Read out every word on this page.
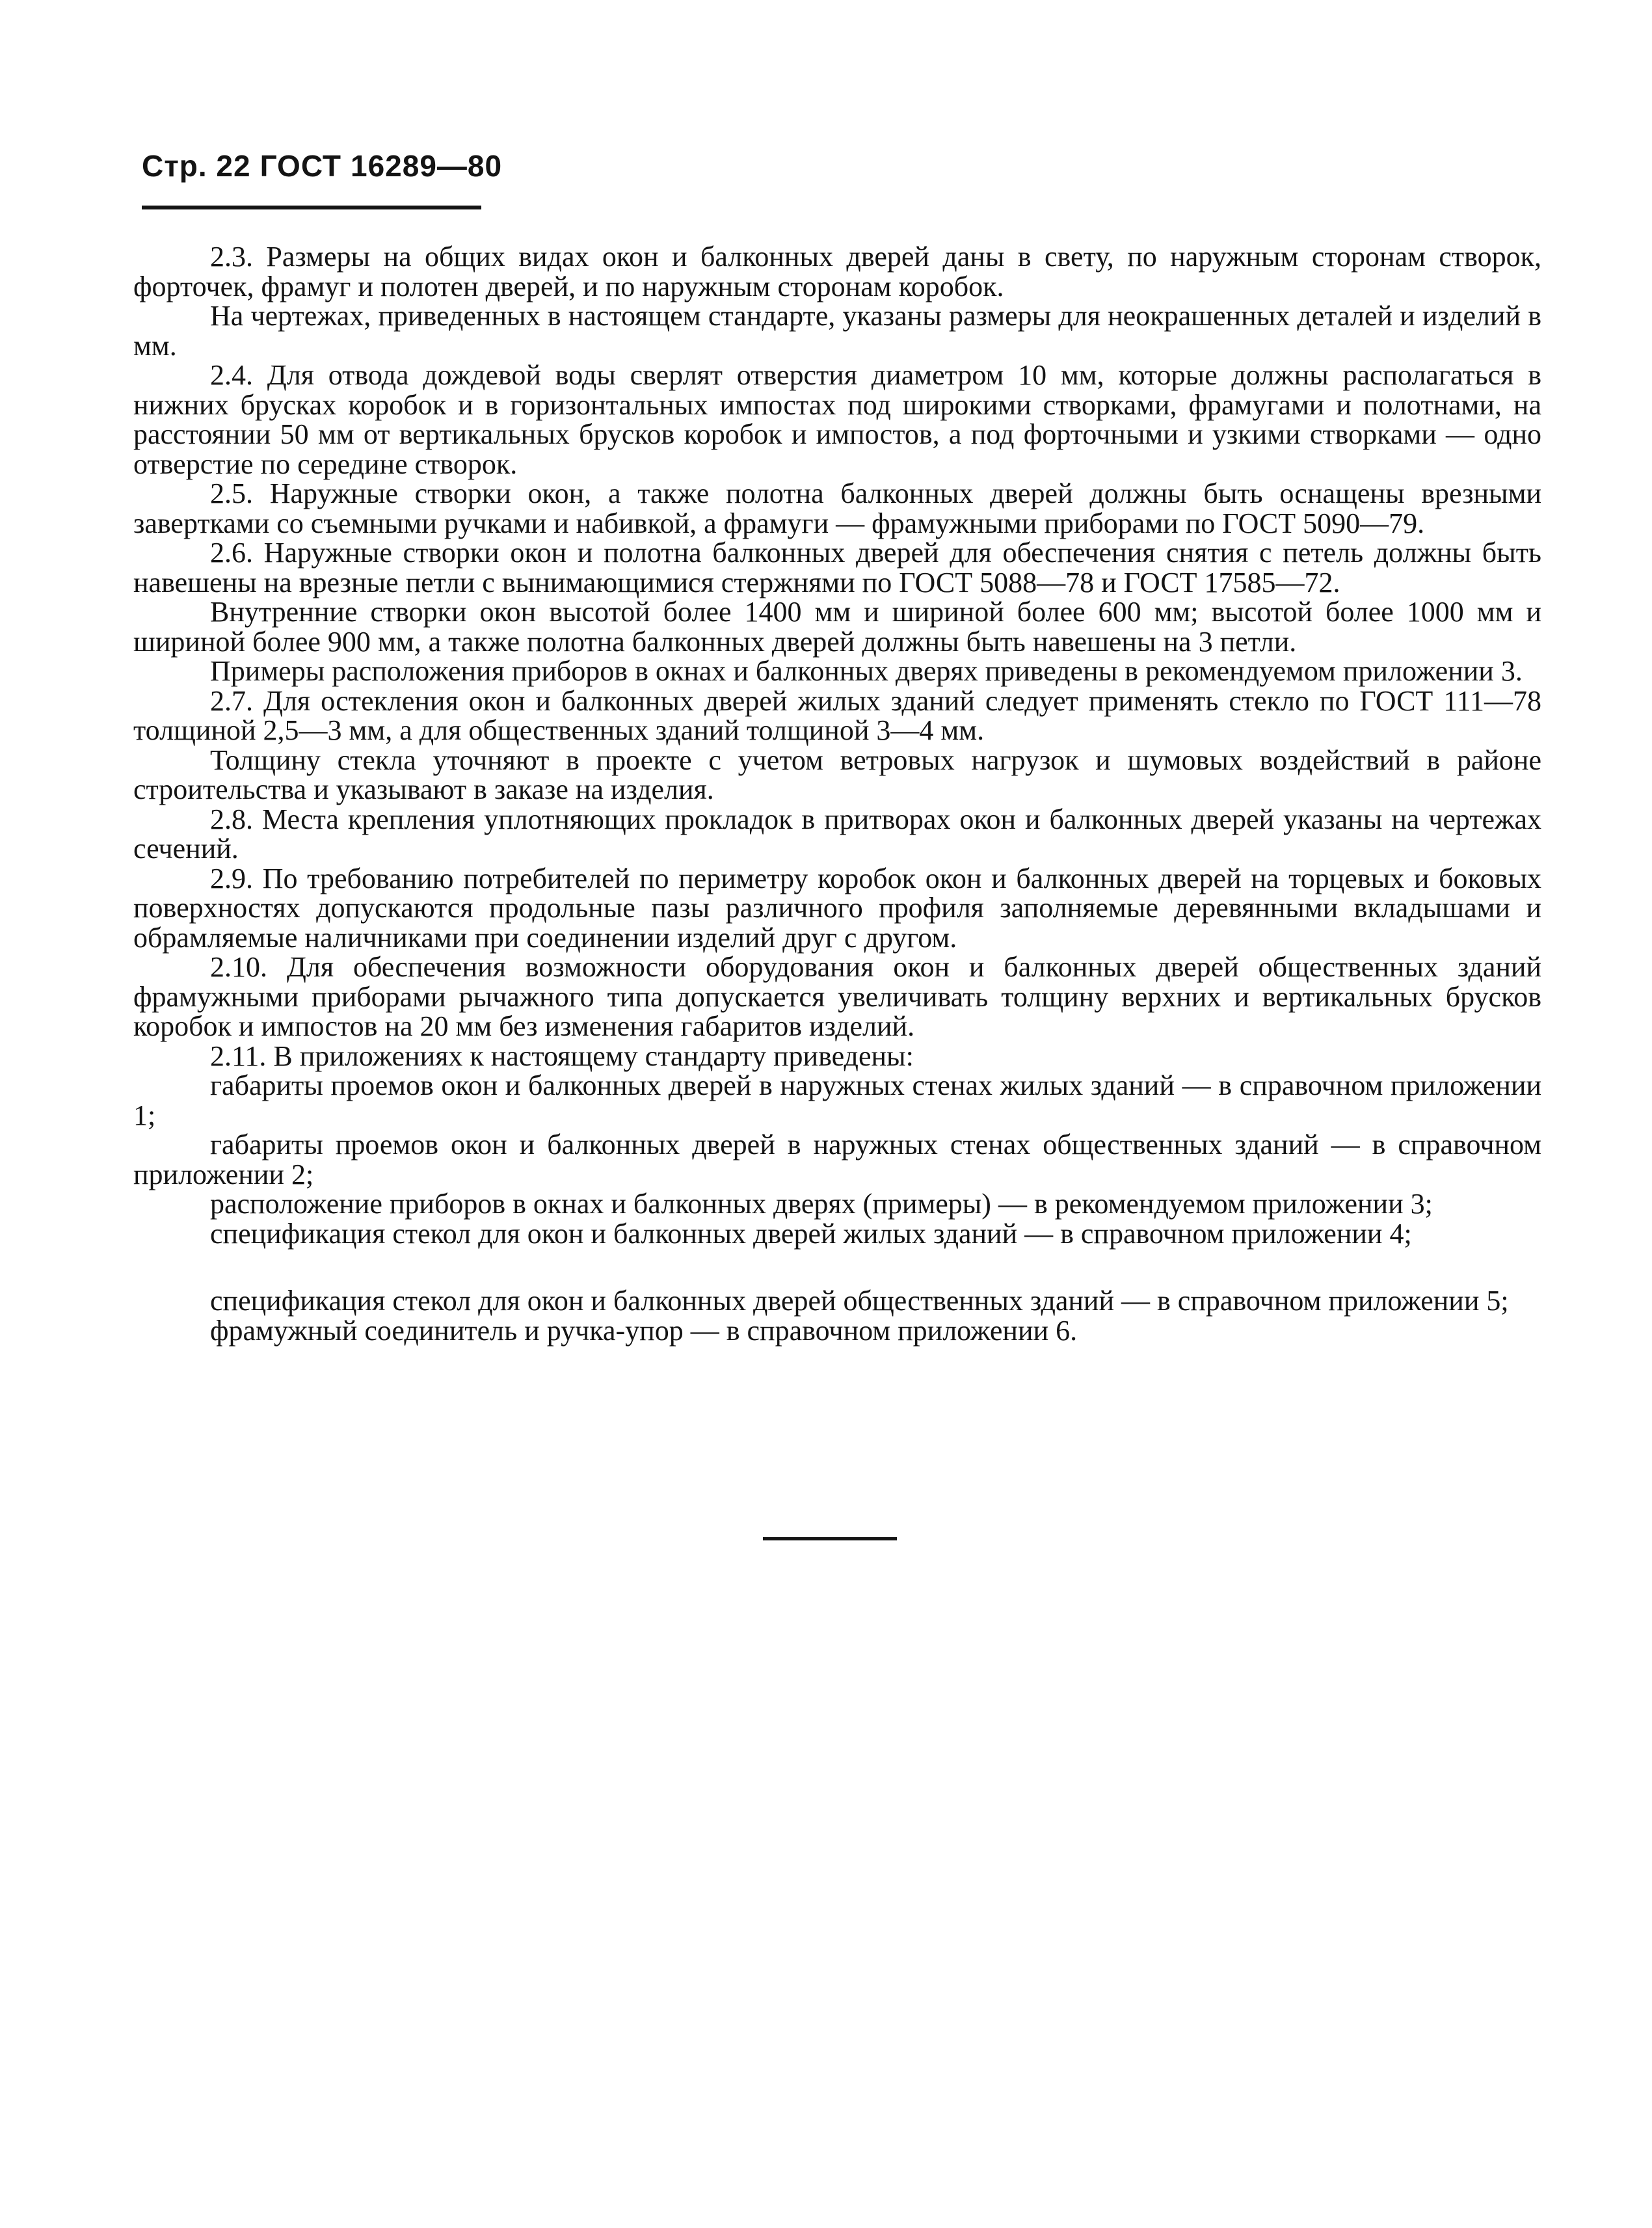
Стр. 22 ГОСТ 16289—80

2.3. Размеры на общих видах окон и балконных дверей даны в свету, по наружным сторонам створок, форточек, фрамуг и полотен дверей, и по наружным сторонам коробок.

На чертежах, приведенных в настоящем стандарте, указаны размеры для неокрашенных деталей и изделий в мм.

2.4. Для отвода дождевой воды сверлят отверстия диаметром 10 мм, которые должны располагаться в нижних брусках коробок и в горизонтальных импостах под широкими створками, фрамугами и полотнами, на расстоянии 50 мм от вертикальных брусков коробок и импостов, а под форточными и узкими створками — одно отверстие по середине створок.

2.5. Наружные створки окон, а также полотна балконных дверей должны быть оснащены врезными завертками со съемными ручками и набивкой, а фрамуги — фрамужными приборами по ГОСТ 5090—79.

2.6. Наружные створки окон и полотна балконных дверей для обеспечения снятия с петель должны быть навешены на врезные петли с вынимающимися стержнями по ГОСТ 5088—78 и ГОСТ 17585—72.

Внутренние створки окон высотой более 1400 мм и шириной более 600 мм; высотой более 1000 мм и шириной более 900 мм, а также полотна балконных дверей должны быть навешены на 3 петли.

Примеры расположения приборов в окнах и балконных дверях приведены в рекомендуемом приложении 3.

2.7. Для остекления окон и балконных дверей жилых зданий следует применять стекло по ГОСТ 111—78 толщиной 2,5—3 мм, а для общественных зданий толщиной 3—4 мм.

Толщину стекла уточняют в проекте с учетом ветровых нагрузок и шумовых воздействий в районе строительства и указывают в заказе на изделия.

2.8. Места крепления уплотняющих прокладок в притворах окон и балконных дверей указаны на чертежах сечений.

2.9. По требованию потребителей по периметру коробок окон и балконных дверей на торцевых и боковых поверхностях допускаются продольные пазы различного профиля заполняемые деревянными вкладышами и обрамляемые наличниками при соединении изделий друг с другом.

2.10. Для обеспечения возможности оборудования окон и балконных дверей общественных зданий фрамужными приборами рычажного типа допускается увеличивать толщину верхних и вертикальных брусков коробок и импостов на 20 мм без изменения габаритов изделий.

2.11. В приложениях к настоящему стандарту приведены:

габариты проемов окон и балконных дверей в наружных стенах жилых зданий — в справочном приложении 1;

габариты проемов окон и балконных дверей в наружных стенах общественных зданий — в справочном приложении 2;

расположение приборов в окнах и балконных дверях (примеры) — в рекомендуемом приложении 3;

спецификация стекол для окон и балконных дверей жилых зданий — в справочном приложении 4;

спецификация стекол для окон и балконных дверей общественных зданий — в справочном приложении 5;

фрамужный соединитель и ручка-упор — в справочном приложении 6.
